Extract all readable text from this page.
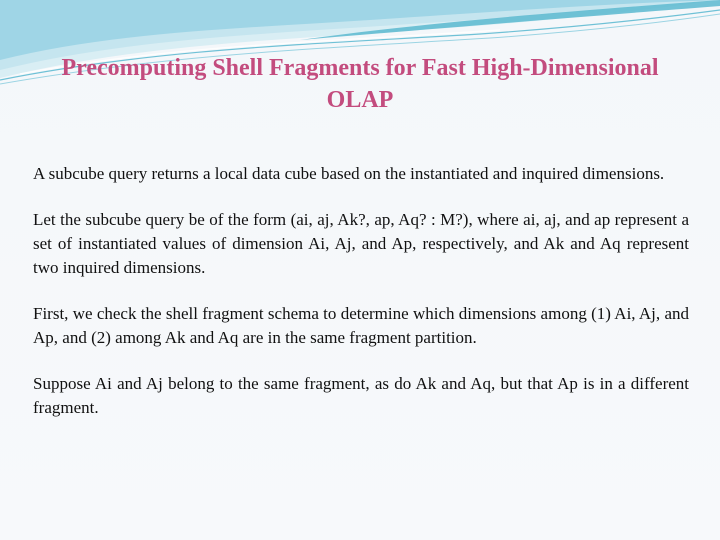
Precomputing Shell Fragments for Fast High-Dimensional OLAP

A subcube query returns a local data cube based on the instantiated and inquired dimensions.

Let the subcube query be of the form (ai, aj, Ak?, ap, Aq? : M?), where ai, aj, and ap represent a set of instantiated values of dimension Ai, Aj, and Ap, respectively, and Ak and Aq represent two inquired dimensions.

First, we check the shell fragment schema to determine which dimensions among (1) Ai, Aj, and Ap, and (2) among Ak and Aq are in the same fragment partition.

Suppose Ai and Aj belong to the same fragment, as do Ak and Aq, but that Ap is in a different fragment.
